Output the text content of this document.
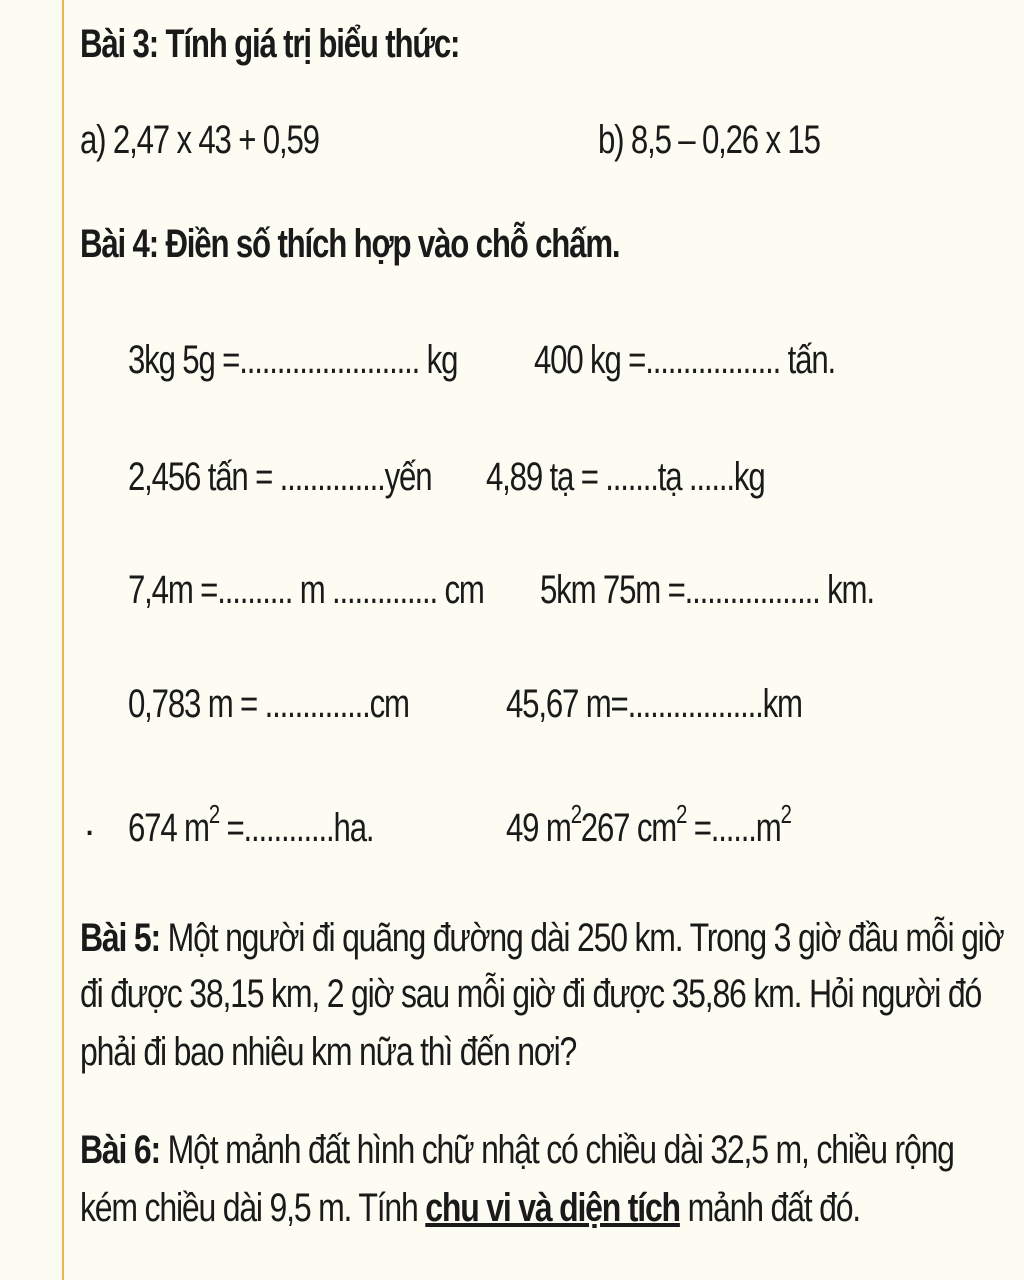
Bài 3: Tính giá trị biểu thức:
a) 2,47 x 43 + 0,59	b) 8,5 – 0,26 x 15
Bài 4: Điền số thích hợp vào chỗ chấm.
3kg 5g =........................ kg 400 kg =.................. tấn.
2,456 tấn = ..............yến 4,89 tạ = .......tạ ......kg
7,4m =.......... m .............. cm 5km 75m =.................. km.
0,783 m = ..............cm 45,67 m=..................km
. 674 $m^2 =............ha$.	49 $m^2267$ $cm^2 =......m^2$
Bài 5: Một người đi quãng đường dài 250 km. Trong 3 giờ đầu mỗi giờ
đi được 38,15 km, 2 giờ sau mỗi giờ đi được 35,86 km. Hỏi người đó
phải đi bao nhiêu km nữa thì đến nơi?
Bài 6: Một mảnh đất hình chữ nhật có chiều dài 32,5 m, chiều rộng
kém chiều dài 9,5 m. Tính chu vi và diện tích mảnh đất đó.
